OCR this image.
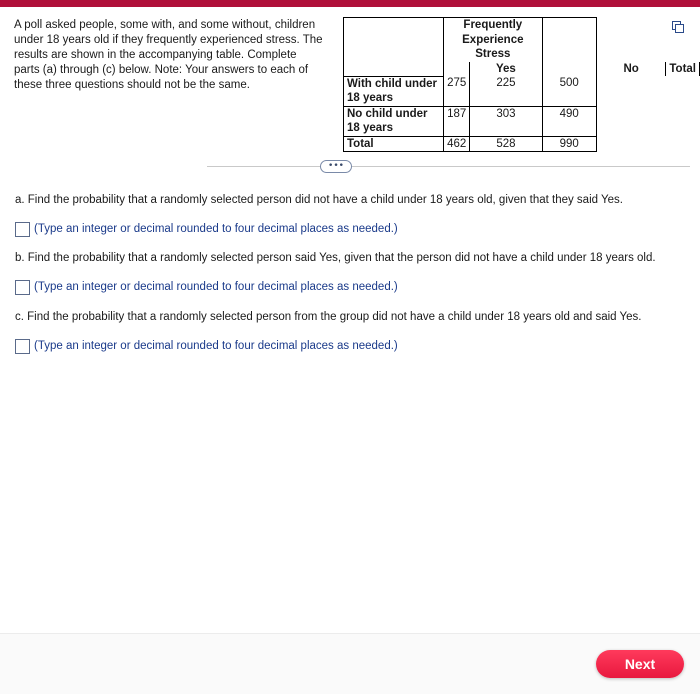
A poll asked people, some with, and some without, children
under 18 years old if they frequently experienced stress. The
results are shown in the accompanying table. Complete
parts (a) through (c) below. Note: Your answers to each of
these three questions should not be the same.

	Frequently Experience
Stress				

		Yes		No	Total

With child under
18 years	275	225	500		

No child under
18 years	187	303	490		
Total	462	528	990		
•••
a. Find the probability that a randomly selected person did not have a child under 18 years old, given that they said Yes.
(Type an integer or decimal rounded to four decimal places as needed.)
b. Find the probability that a randomly selected person said Yes, given that the person did not have a child under 18 years old.
(Type an integer or decimal rounded to four decimal places as needed.)
c. Find the probability that a randomly selected person from the group did not have a child under 18 years old and said Yes.
(Type an integer or decimal rounded to four decimal places as needed.)
Next
